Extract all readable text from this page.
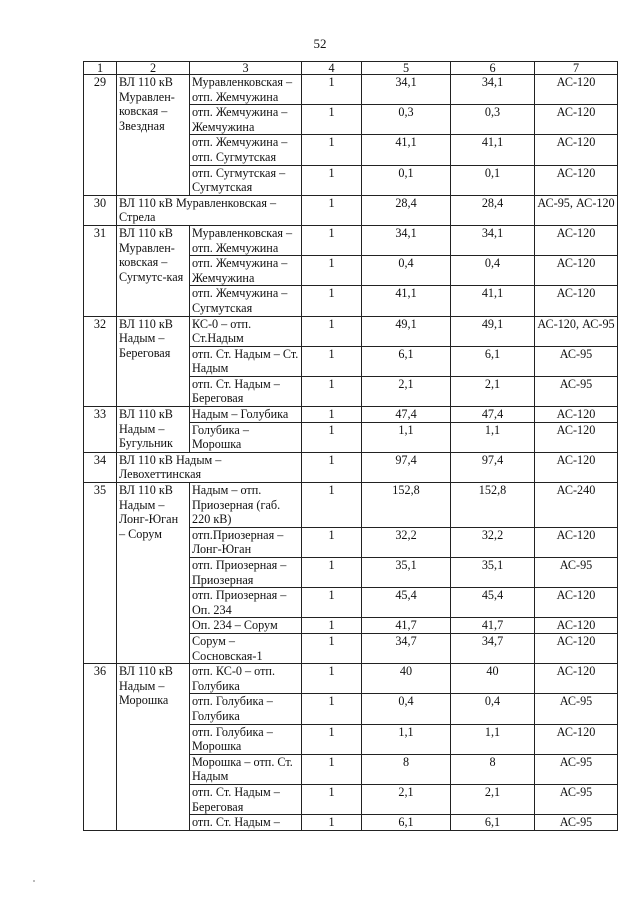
52
1	2	3	4	5	6	7
29	ВЛ 110 кВ Муравлен-ковская – Звездная	Муравленковская – отп. Жемчужина	1	34,1	34,1	АС-120
		отп. Жемчужина – Жемчужина	1	0,3	0,3	АС-120
		отп. Жемчужина – отп. Сугмутская	1	41,1	41,1	АС-120
		отп. Сугмутская – Сугмутская	1	0,1	0,1	АС-120
30	ВЛ 110 кВ Муравленковская – Стрела		1	28,4	28,4	АС-95, АС-120
31	ВЛ 110 кВ Муравлен-ковская – Сугмутс-кая	Муравленковская – отп. Жемчужина	1	34,1	34,1	АС-120
		отп. Жемчужина – Жемчужина	1	0,4	0,4	АС-120
		отп. Жемчужина – Сугмутская	1	41,1	41,1	АС-120
32	ВЛ 110 кВ Надым – Береговая	КС-0 – отп. Ст.Надым	1	49,1	49,1	АС-120, АС-95
		отп. Ст. Надым – Ст. Надым	1	6,1	6,1	АС-95
		отп. Ст. Надым – Береговая	1	2,1	2,1	АС-95
33	ВЛ 110 кВ Надым – Бугульник	Надым – Голубика	1	47,4	47,4	АС-120
		Голубика – Морошка	1	1,1	1,1	АС-120
34	ВЛ 110 кВ Надым – Левохеттинская		1	97,4	97,4	АС-120
35	ВЛ 110 кВ Надым – Лонг-Юган – Сорум	Надым – отп. Приозерная (габ. 220 кВ)	1	152,8	152,8	АС-240
		отп.Приозерная – Лонг-Юган	1	32,2	32,2	АС-120
		отп. Приозерная – Приозерная	1	35,1	35,1	АС-95
		отп. Приозерная – Оп. 234	1	45,4	45,4	АС-120
		Оп. 234 – Сорум	1	41,7	41,7	АС-120
		Сорум – Сосновская-1	1	34,7	34,7	АС-120
36	ВЛ 110 кВ Надым – Морошка	отп. КС-0 – отп. Голубика	1	40	40	АС-120
		отп. Голубика – Голубика	1	0,4	0,4	АС-95
		отп. Голубика – Морошка	1	1,1	1,1	АС-120
		Морошка – отп. Ст. Надым	1	8	8	АС-95
		отп. Ст. Надым – Береговая	1	2,1	2,1	АС-95
		отп. Ст. Надым –	1	6,1	6,1	АС-95
